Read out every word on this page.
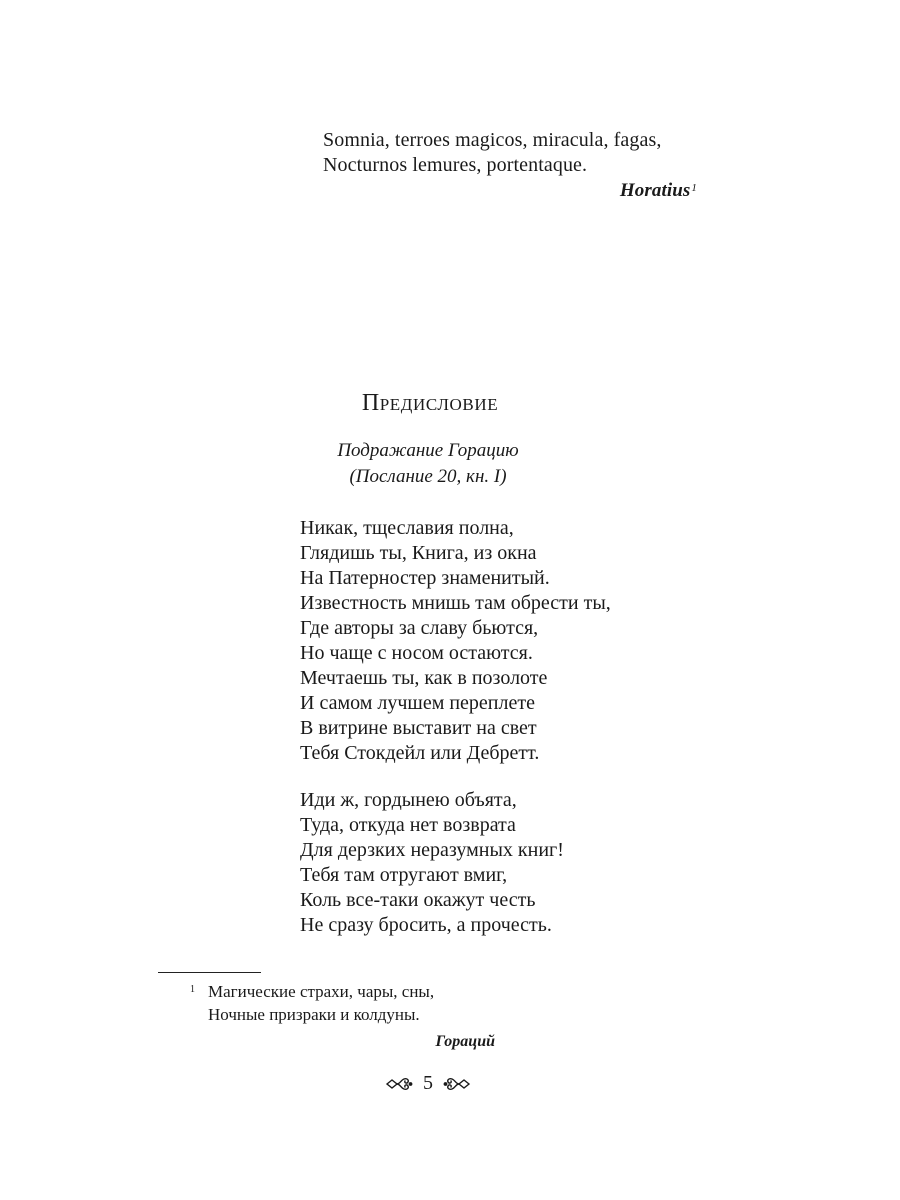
Somnia, terroes magicos, miracula, fagas,
Nocturnos lemures, portentaque.
Horatius$^1$
Предисловие
Подражание Горацию
(Послание 20, кн. I)
Никак, тщеславия полна,
Глядишь ты, Книга, из окна
На Патерностер знаменитый.
Известность мнишь там обрести ты,
Где авторы за славу бьются,
Но чаще с носом остаются.
Мечтаешь ты, как в позолоте
И самом лучшем переплете
В витрине выставит на свет
Тебя Стокдейл или Дебретт.
Иди ж, гордынею объята,
Туда, откуда нет возврата
Для дерзких неразумных книг!
Тебя там отругают вмиг,
Коль все-таки окажут честь
Не сразу бросить, а прочесть.
1 Магические страхи, чары, сны,
Ночные призраки и колдуны.
Гораций
5
